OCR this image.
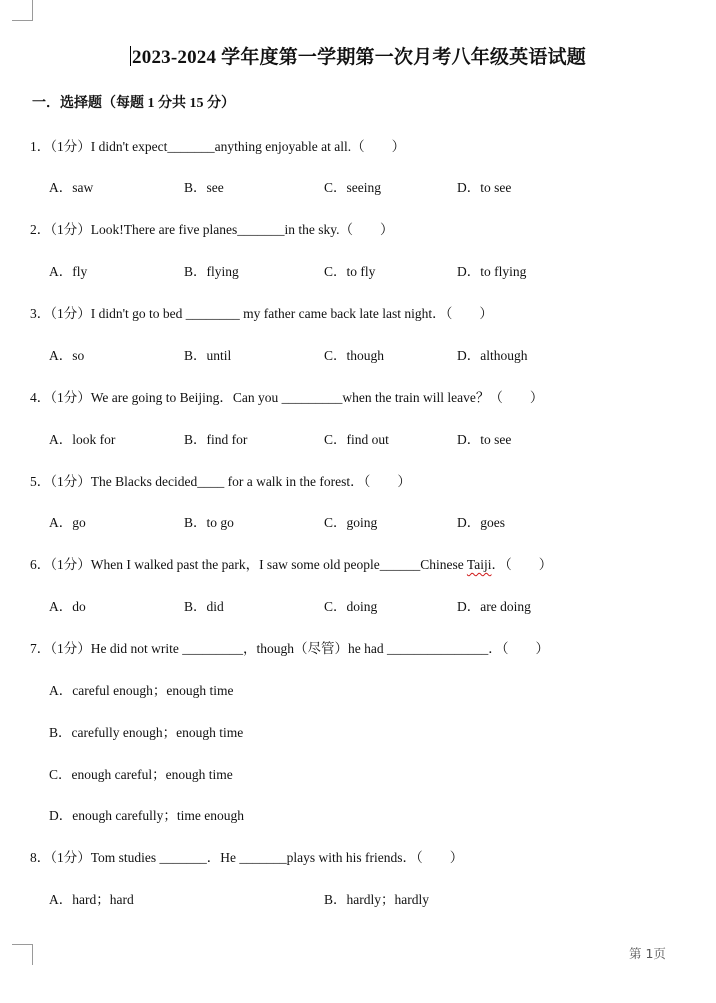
2023-2024 学年度第一学期第一次月考八年级英语试题
一．选择题（每题 1 分共 15 分）
1．（1分）I didn't expect_______anything enjoyable at all.（　　）
A．saw	B．see	C．seeing	D．to see
2．（1分）Look!There are five planes_______in the sky.（　　）
A．fly	B．flying	C．to fly	D．to flying
3．（1分）I didn't go to bed ________ my father came back late last night．（　　）
A．so	B．until	C．though	D．although
4．（1分）We are going to Beijing．Can you _________when the train will leave？（　　）
A．look for	B．find for	C．find out	D．to see
5．（1分）The Blacks decided____ for a walk in the forest．（　　）
A．go	B．to go	C．going	D．goes
6．（1分）When I walked past the park，I saw some old people______Chinese Taiji．（　　）
A．do	B．did	C．doing	D．are doing
7．（1分）He did not write _________，though（尽管）he had _______________．（　　）
A．careful enough；enough time
B．carefully enough；enough time
C．enough careful；enough time
D．enough carefully；time enough
8．（1分）Tom studies _______．He _______plays with his friends．（　　）
A．hard；hard	B．hardly；hardly
第 1页
